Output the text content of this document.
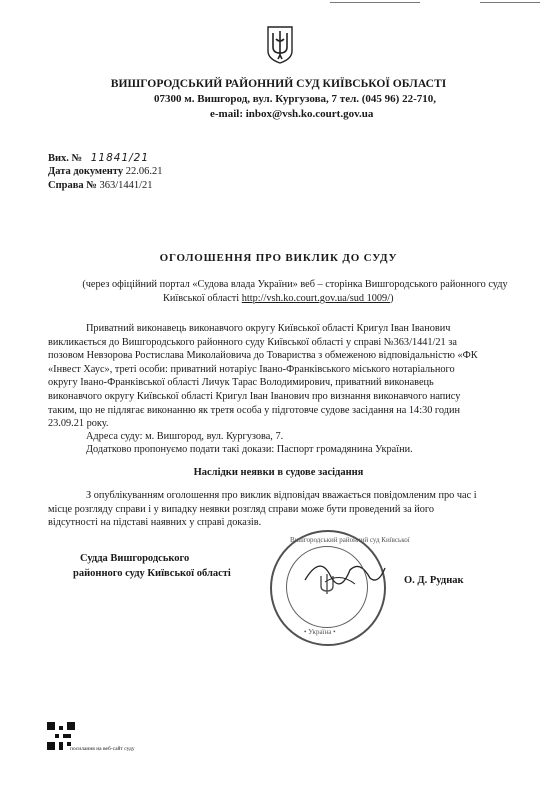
ВИШГОРОДСЬКИЙ РАЙОННИЙ СУД КИЇВСЬКОЇ ОБЛАСТІ
07300 м. Вишгород, вул. Кургузова, 7 тел. (045 96) 22-710,
e-mail: inbox@vsh.ko.court.gov.ua
Вих. № 11841/21
Дата документу 22.06.21
Справа № 363/1441/21
ОГОЛОШЕННЯ ПРО ВИКЛИК ДО СУДУ
(через офіційний портал «Судова влада України» веб – сторінка Вишгородського районного суду
Київської області http://vsh.ko.court.gov.ua/sud 1009/)
Приватний виконавець виконавчого округу Київської області Кригул Іван Іванович
викликається до Вишгородського районного суду Київської області у справі №363/1441/21 за
позовом Невзорова Ростислава Миколайовича до Товариства з обмеженою відповідальністю «ФК
«Інвест Хаус», треті особи: приватний нотаріус Івано-Франківського міського нотаріального
округу Івано-Франківської області Личук Тарас Володимирович, приватний виконавець
виконавчого округу Київської області Кригул Іван Іванович про визнання виконавчого напису
таким, що не підлягає виконанню як третя особа у підготовче судове засідання на 14:30 годин
23.09.21 року.
Адреса суду: м. Вишгород, вул. Кургузова, 7.
Додатково пропонуємо подати такі докази: Паспорт громадянина України.
Наслідки неявки в судове засідання
З опублікуванням оголошення про виклик відповідач вважається повідомленим про час і
місце розгляду справи і у випадку неявки розгляд справи може бути проведений за його
відсутності на підставі наявних у справі доказів.
Судда Вишгородського
районного суду Київської області
О. Д. Руднак
Вишгородський районний суд Київської
• Україна •
посилання на веб-сайт суду
